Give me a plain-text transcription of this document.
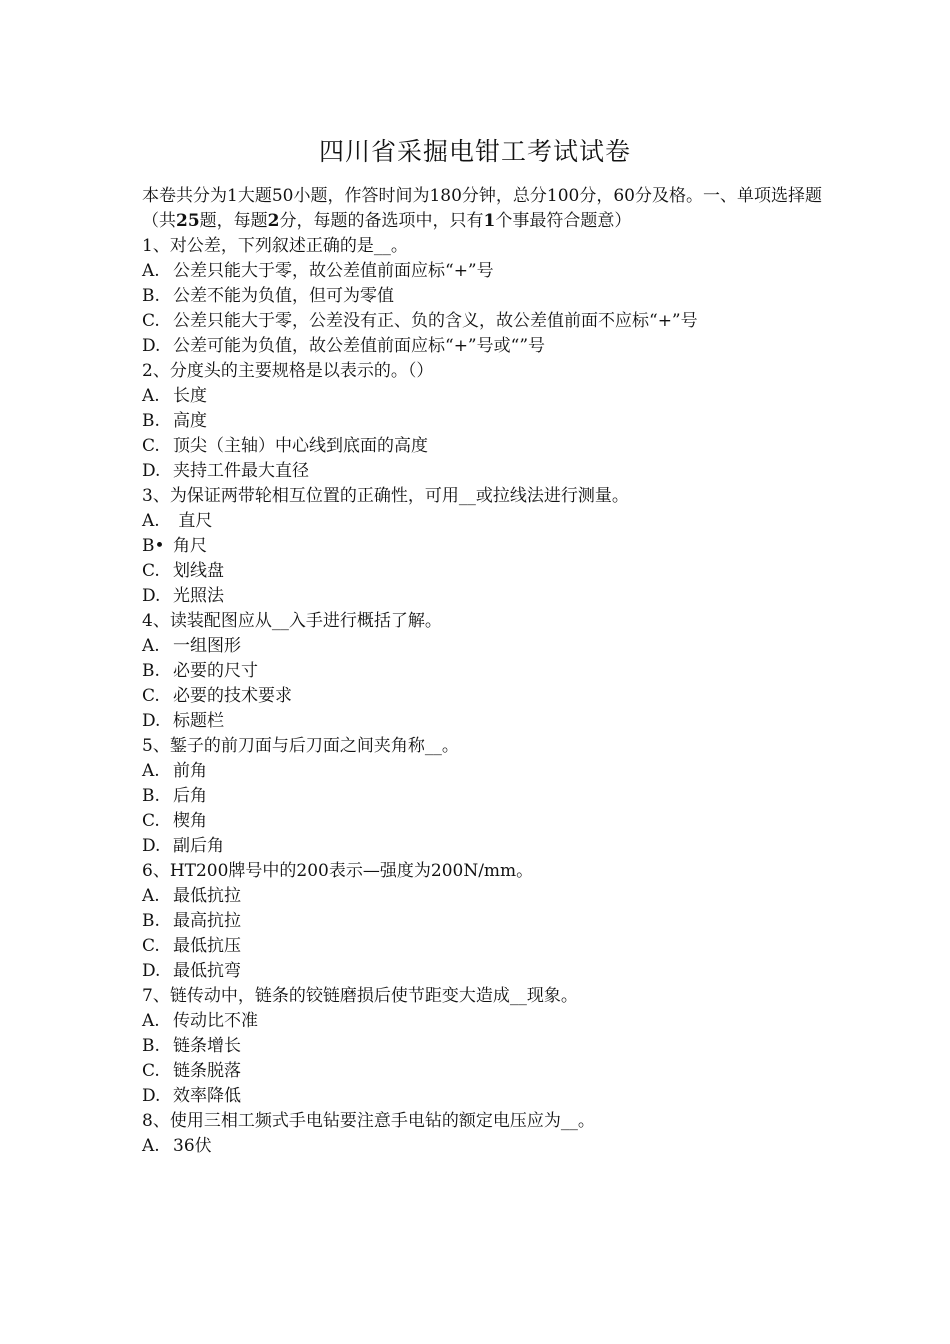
四川省采掘电钳工考试试卷

本卷共分为1大题50小题，作答时间为180分钟，总分100分，60分及格。一、单项选择题（共25题，每题2分，每题的备选项中，只有1个事最符合题意）

1、对公差，下列叙述正确的是__。
A. 公差只能大于零，故公差值前面应标“+”号
B. 公差不能为负值，但可为零值
C. 公差只能大于零，公差没有正、负的含义，故公差值前面不应标“+”号
D. 公差可能为负值，故公差值前面应标“+”号或“”号
2、分度头的主要规格是以表示的。（）
A. 长度
B. 高度
C. 顶尖（主轴）中心线到底面的高度
D. 夹持工件最大直径
3、为保证两带轮相互位置的正确性，可用__或拉线法进行测量。
A. 直尺
B• 角尺
C. 划线盘
D. 光照法
4、读装配图应从__入手进行概括了解。
A. 一组图形
B. 必要的尺寸
C. 必要的技术要求
D. 标题栏
5、錾子的前刀面与后刀面之间夹角称__。
A. 前角
B. 后角
C. 楔角
D. 副后角
6、HT200牌号中的200表示—强度为200N/mm。
A. 最低抗拉
B. 最高抗拉
C. 最低抗压
D. 最低抗弯
7、链传动中，链条的铰链磨损后使节距变大造成__现象。
A. 传动比不准
B. 链条增长
C. 链条脱落
D. 效率降低
8、使用三相工频式手电钻要注意手电钻的额定电压应为__。
A. 36伏
